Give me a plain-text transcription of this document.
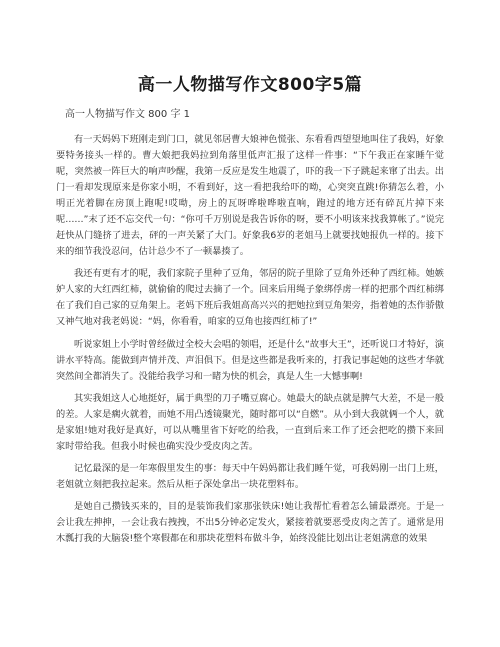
高一人物描写作文800字5篇
高一人物描写作文 800 字 1

有一天妈妈下班刚走到门口，就见邻居曹大娘神色慌张、东看看西望望地叫住了我妈，好象要特务接头一样的。曹大娘把我妈拉到角落里低声汇报了这样一件事：“下午我正在家睡午觉呢，突然被一阵巨大的响声吵醒，我第一反应是发生地震了，吓的我一下子跳起来窜了出去。出门一看却发现原来是你家小明，不看到好，这一看把我给吓的呦，心突突直跳!你猜怎么着，小明正光着脚在房顶上跑呢!哎呦，房上的瓦呀哗啦哗啦直响，跑过的地方还有碎瓦片掉下来呢……”末了还不忘交代一句：“你可千万别说是我告诉你的呀，要不小明该来找我算帐了。”说完赶快从门缝挤了进去，砰的一声关紧了大门。好象我6岁的老姐马上就要找她报仇一样的。接下来的细节我没忍问，估计总少不了一顿暴揍了。

我还有更有才的呢，我们家院子里种了豆角，邻居的院子里除了豆角外还种了西红柿。她嫉妒人家的大红西红柿，就偷偷的爬过去摘了一个。回来后用绳子象绑俘虏一样的把那个西红柿绑在了我们自己家的豆角架上。老妈下班后我姐高高兴兴的把她拉到豆角架旁，指着她的杰作骄傲又神气地对我老妈说：“妈，你看看，咱家的豆角也接西红柿了!”

听说家姐上小学时曾经做过全校大会唱的领唱，还是什么“故事大王”，还听说口才特好，演讲水平特高。能做到声情并茂、声泪俱下。但是这些都是我听来的，打我记事起她的这些才华就突然间全都消失了。没能给我学习和一睹为快的机会，真是人生一大憾事啊!

其实我姐这人心地挺好，属于典型的刀子嘴豆腐心。她最大的缺点就是脾气大差，不是一般的差。人家是瘸火就着，而她不用凸透镜聚光，随时都可以“自燃”。从小到大我就俩一个人，就是家姐!她对我好是真好，可以从嘴里省下好吃的给我，一直到后来工作了还会把吃的攒下来回家时带给我。但我小时候也确实没少受皮肉之苦。

记忆最深的是一年寒假里发生的事：每天中午妈妈都让我们睡午觉，可我妈刚一出门上班，老姐就立刻把我拉起来。然后从柜子深处拿出一块花塑料布。

是她自己攒钱买来的，目的是装饰我们家那张铁床!她让我帮忙看着怎么铺最漂亮。于是一会让我左抻抻，一会让我右拽拽，不出5分钟必定发火，紧接着就要恶受皮肉之苦了。通常是用木瓢打我的大脑袋!整个寒假都在和那块花塑料布做斗争，始终没能比划出让老姐满意的效果
